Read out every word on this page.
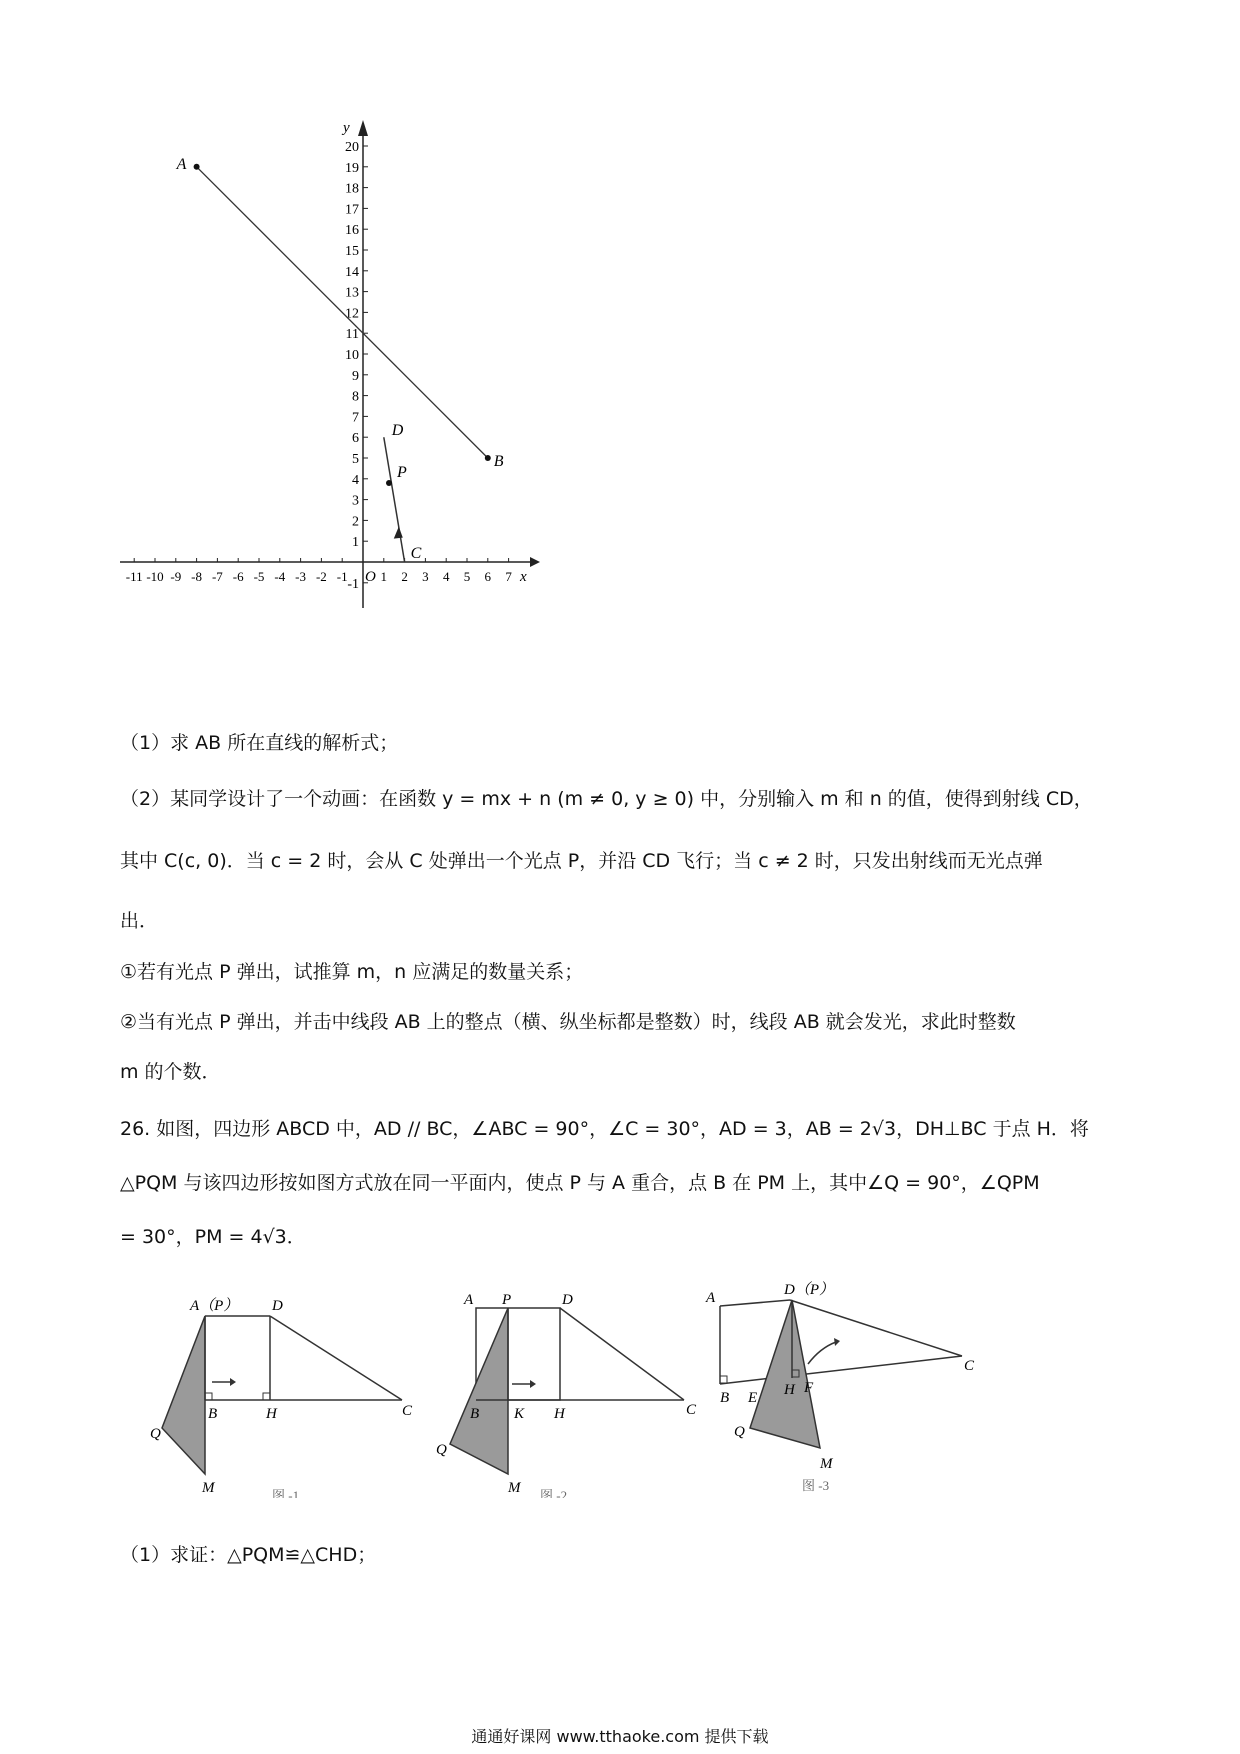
x
y
O
-11 -10 -9 -8 -7 -6 -5 -4 -3 -2 -1	1 2 3 4 5 6 7
-1
1
2
3
4
5
6
7
8
9
10
11
12
13
14
15
16
17
18
19
20
A
B
D
P
C
（1）求 AB 所在直线的解析式；
（2）某同学设计了一个动画：在函数 y = mx + n (m ≠ 0, y ≥ 0) 中，分别输入 m 和 n 的值，使得到射线 CD，
其中 C(c, 0)．当 c = 2 时，会从 C 处弹出一个光点 P，并沿 CD 飞行；当 c ≠ 2 时，只发出射线而无光点弹
出．
①若有光点 P 弹出，试推算 m，n 应满足的数量关系；
②当有光点 P 弹出，并击中线段 AB 上的整点（横、纵坐标都是整数）时，线段 AB 就会发光，求此时整数
m 的个数．
26. 如图，四边形 ABCD 中，AD // BC，∠ABC = 90°，∠C = 30°，AD = 3，AB = 2√3，DH⊥BC 于点 H．将
△PQM 与该四边形按如图方式放在同一平面内，使点 P 与 A 重合，点 B 在 PM 上，其中∠Q = 90°，∠QPM
= 30°，PM = 4√3．
A（P） D
B	H	C
Q
M	图 -1
A P	D
B K H	C
Q
M 图 -2
A	D（P）
B E H F
C
Q
M
图 -3
（1）求证：△PQM≌△CHD；
通通好课网 www.tthaoke.com 提供下载
